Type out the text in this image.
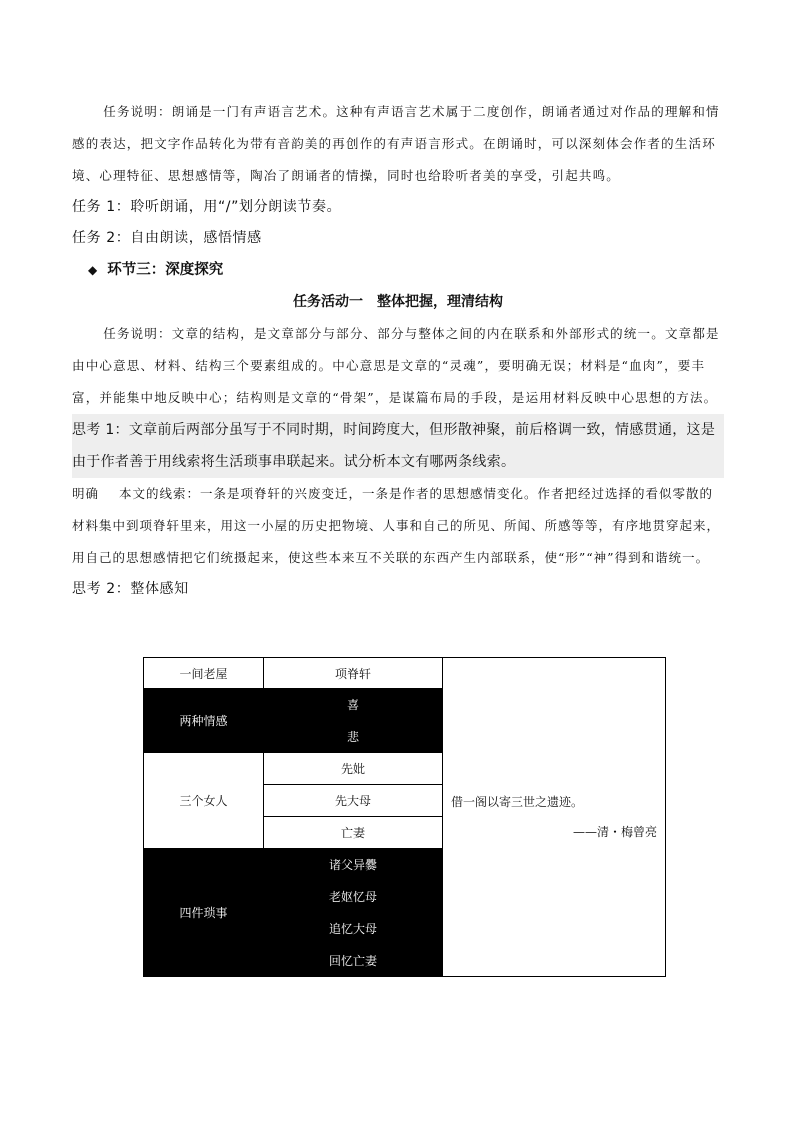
任务说明：朗诵是一门有声语言艺术。这种有声语言艺术属于二度创作，朗诵者通过对作品的理解和情感的表达，把文字作品转化为带有音韵美的再创作的有声语言形式。在朗诵时，可以深刻体会作者的生活环境、心理特征、思想感情等，陶冶了朗诵者的情操，同时也给聆听者美的享受，引起共鸣。

任务 1：聆听朗诵，用“/”划分朗读节奏。

任务 2：自由朗读，感悟情感

◆ 环节三：深度探究

任务活动一　整体把握，理清结构

任务说明：文章的结构，是文章部分与部分、部分与整体之间的内在联系和外部形式的统一。文章都是由中心意思、材料、结构三个要素组成的。中心意思是文章的“灵魂”，要明确无误；材料是“血肉”，要丰富，并能集中地反映中心；结构则是文章的“骨架”，是谋篇布局的手段，是运用材料反映中心思想的方法。

思考 1：文章前后两部分虽写于不同时期，时间跨度大，但形散神聚，前后格调一致，情感贯通，这是由于作者善于用线索将生活琐事串联起来。试分析本文有哪两条线索。

明确 本文的线索：一条是项脊轩的兴废变迁，一条是作者的思想感情变化。作者把经过选择的看似零散的材料集中到项脊轩里来，用这一小屋的历史把物境、人事和自己的所见、所闻、所感等等，有序地贯穿起来，用自己的思想感情把它们统摄起来，使这些本来互不关联的东西产生内部联系，使“形”“神”得到和谐统一。

思考 2：整体感知

一间老屋	项脊轩	借一阁以寄三世之遗迹。
——清・梅曾亮

两种情感	喜	
	悲	
三个女人	先妣	
	先大母	
	亡妻	
四件琐事	诸父异爨	
	老妪忆母	
	追忆大母	
	回忆亡妻	
